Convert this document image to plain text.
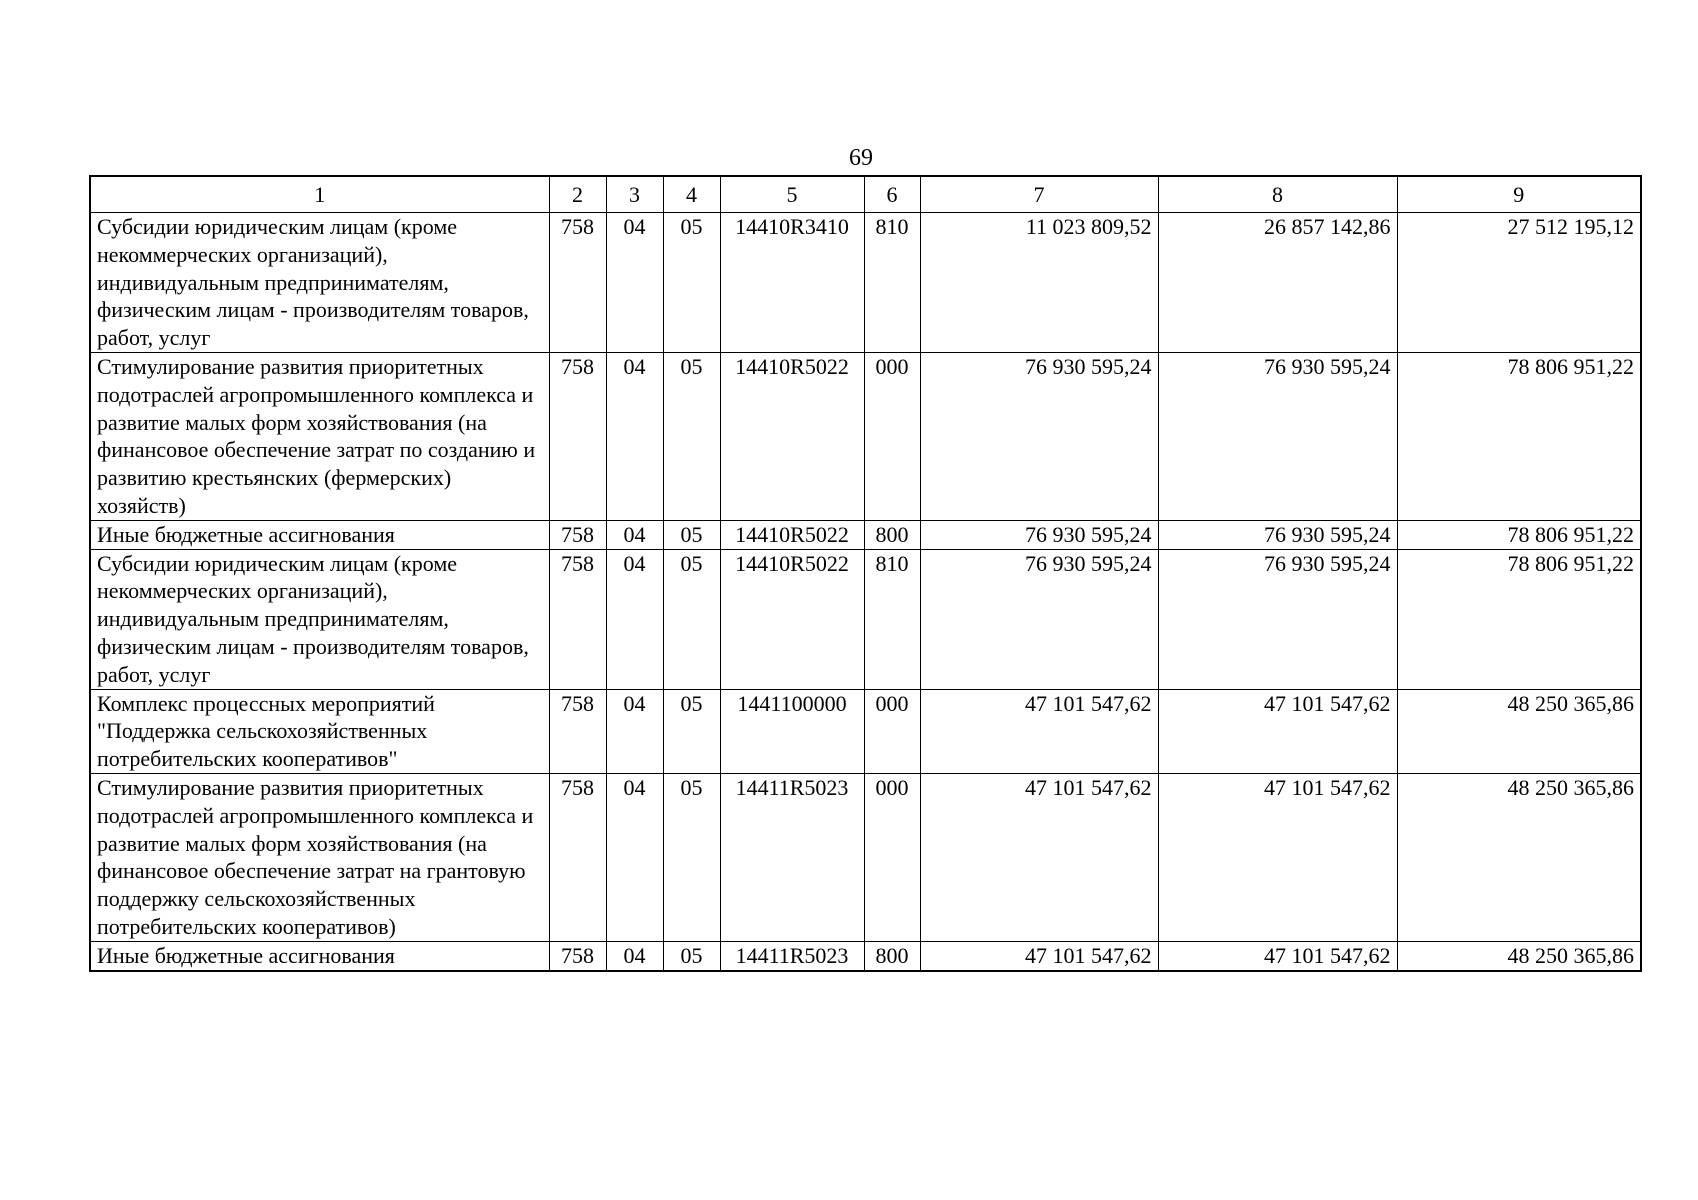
69
1	2	3	4	5	6	7	8	9
Субсидии юридическим лицам (кроме некоммерческих организаций), индивидуальным предпринимателям, физическим лицам - производителям товаров, работ, услуг	758	04	05	14410R3410	810	11 023 809,52	26 857 142,86	27 512 195,12
Стимулирование развития приоритетных подотраслей агропромышленного комплекса и развитие малых форм хозяйствования (на финансовое обеспечение затрат по созданию и развитию крестьянских (фермерских) хозяйств)	758	04	05	14410R5022	000	76 930 595,24	76 930 595,24	78 806 951,22
Иные бюджетные ассигнования	758	04	05	14410R5022	800	76 930 595,24	76 930 595,24	78 806 951,22
Субсидии юридическим лицам (кроме некоммерческих организаций), индивидуальным предпринимателям, физическим лицам - производителям товаров, работ, услуг	758	04	05	14410R5022	810	76 930 595,24	76 930 595,24	78 806 951,22
Комплекс процессных мероприятий "Поддержка сельскохозяйственных потребительских кооперативов"	758	04	05	1441100000	000	47 101 547,62	47 101 547,62	48 250 365,86
Стимулирование развития приоритетных подотраслей агропромышленного комплекса и развитие малых форм хозяйствования (на финансовое обеспечение затрат на грантовую поддержку сельскохозяйственных потребительских кооперативов)	758	04	05	14411R5023	000	47 101 547,62	47 101 547,62	48 250 365,86
Иные бюджетные ассигнования	758	04	05	14411R5023	800	47 101 547,62	47 101 547,62	48 250 365,86
